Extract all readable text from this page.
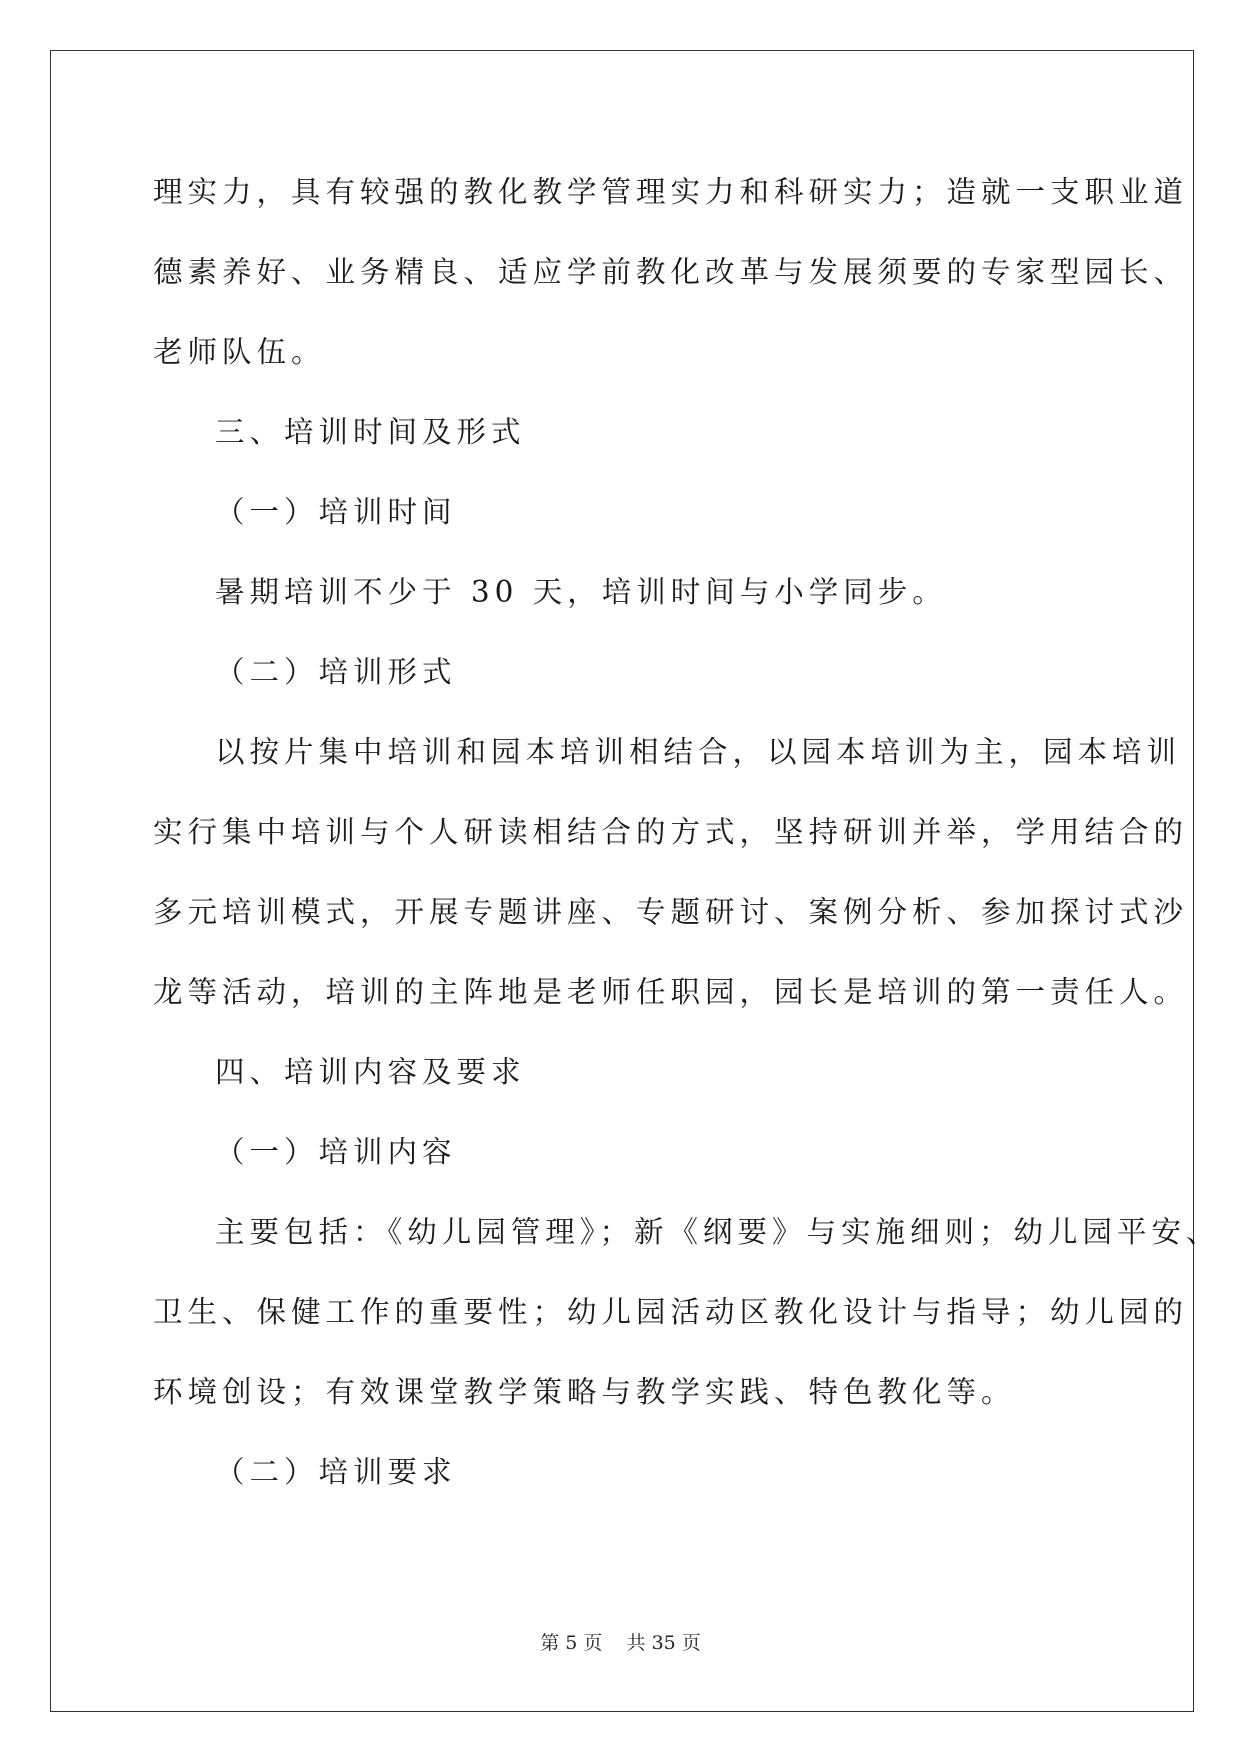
理实力，具有较强的教化教学管理实力和科研实力；造就一支职业道
德素养好、业务精良、适应学前教化改革与发展须要的专家型园长、
老师队伍。
三、培训时间及形式
（一）培训时间
暑期培训不少于 30 天，培训时间与小学同步。
（二）培训形式
以按片集中培训和园本培训相结合，以园本培训为主，园本培训
实行集中培训与个人研读相结合的方式，坚持研训并举，学用结合的
多元培训模式，开展专题讲座、专题研讨、案例分析、参加探讨式沙
龙等活动，培训的主阵地是老师任职园，园长是培训的第一责任人。
四、培训内容及要求
（一）培训内容
主要包括：《幼儿园管理》；新《纲要》与实施细则；幼儿园平安、
卫生、保健工作的重要性；幼儿园活动区教化设计与指导；幼儿园的
环境创设；有效课堂教学策略与教学实践、特色教化等。
（二）培训要求
第 5 页    共 35 页
